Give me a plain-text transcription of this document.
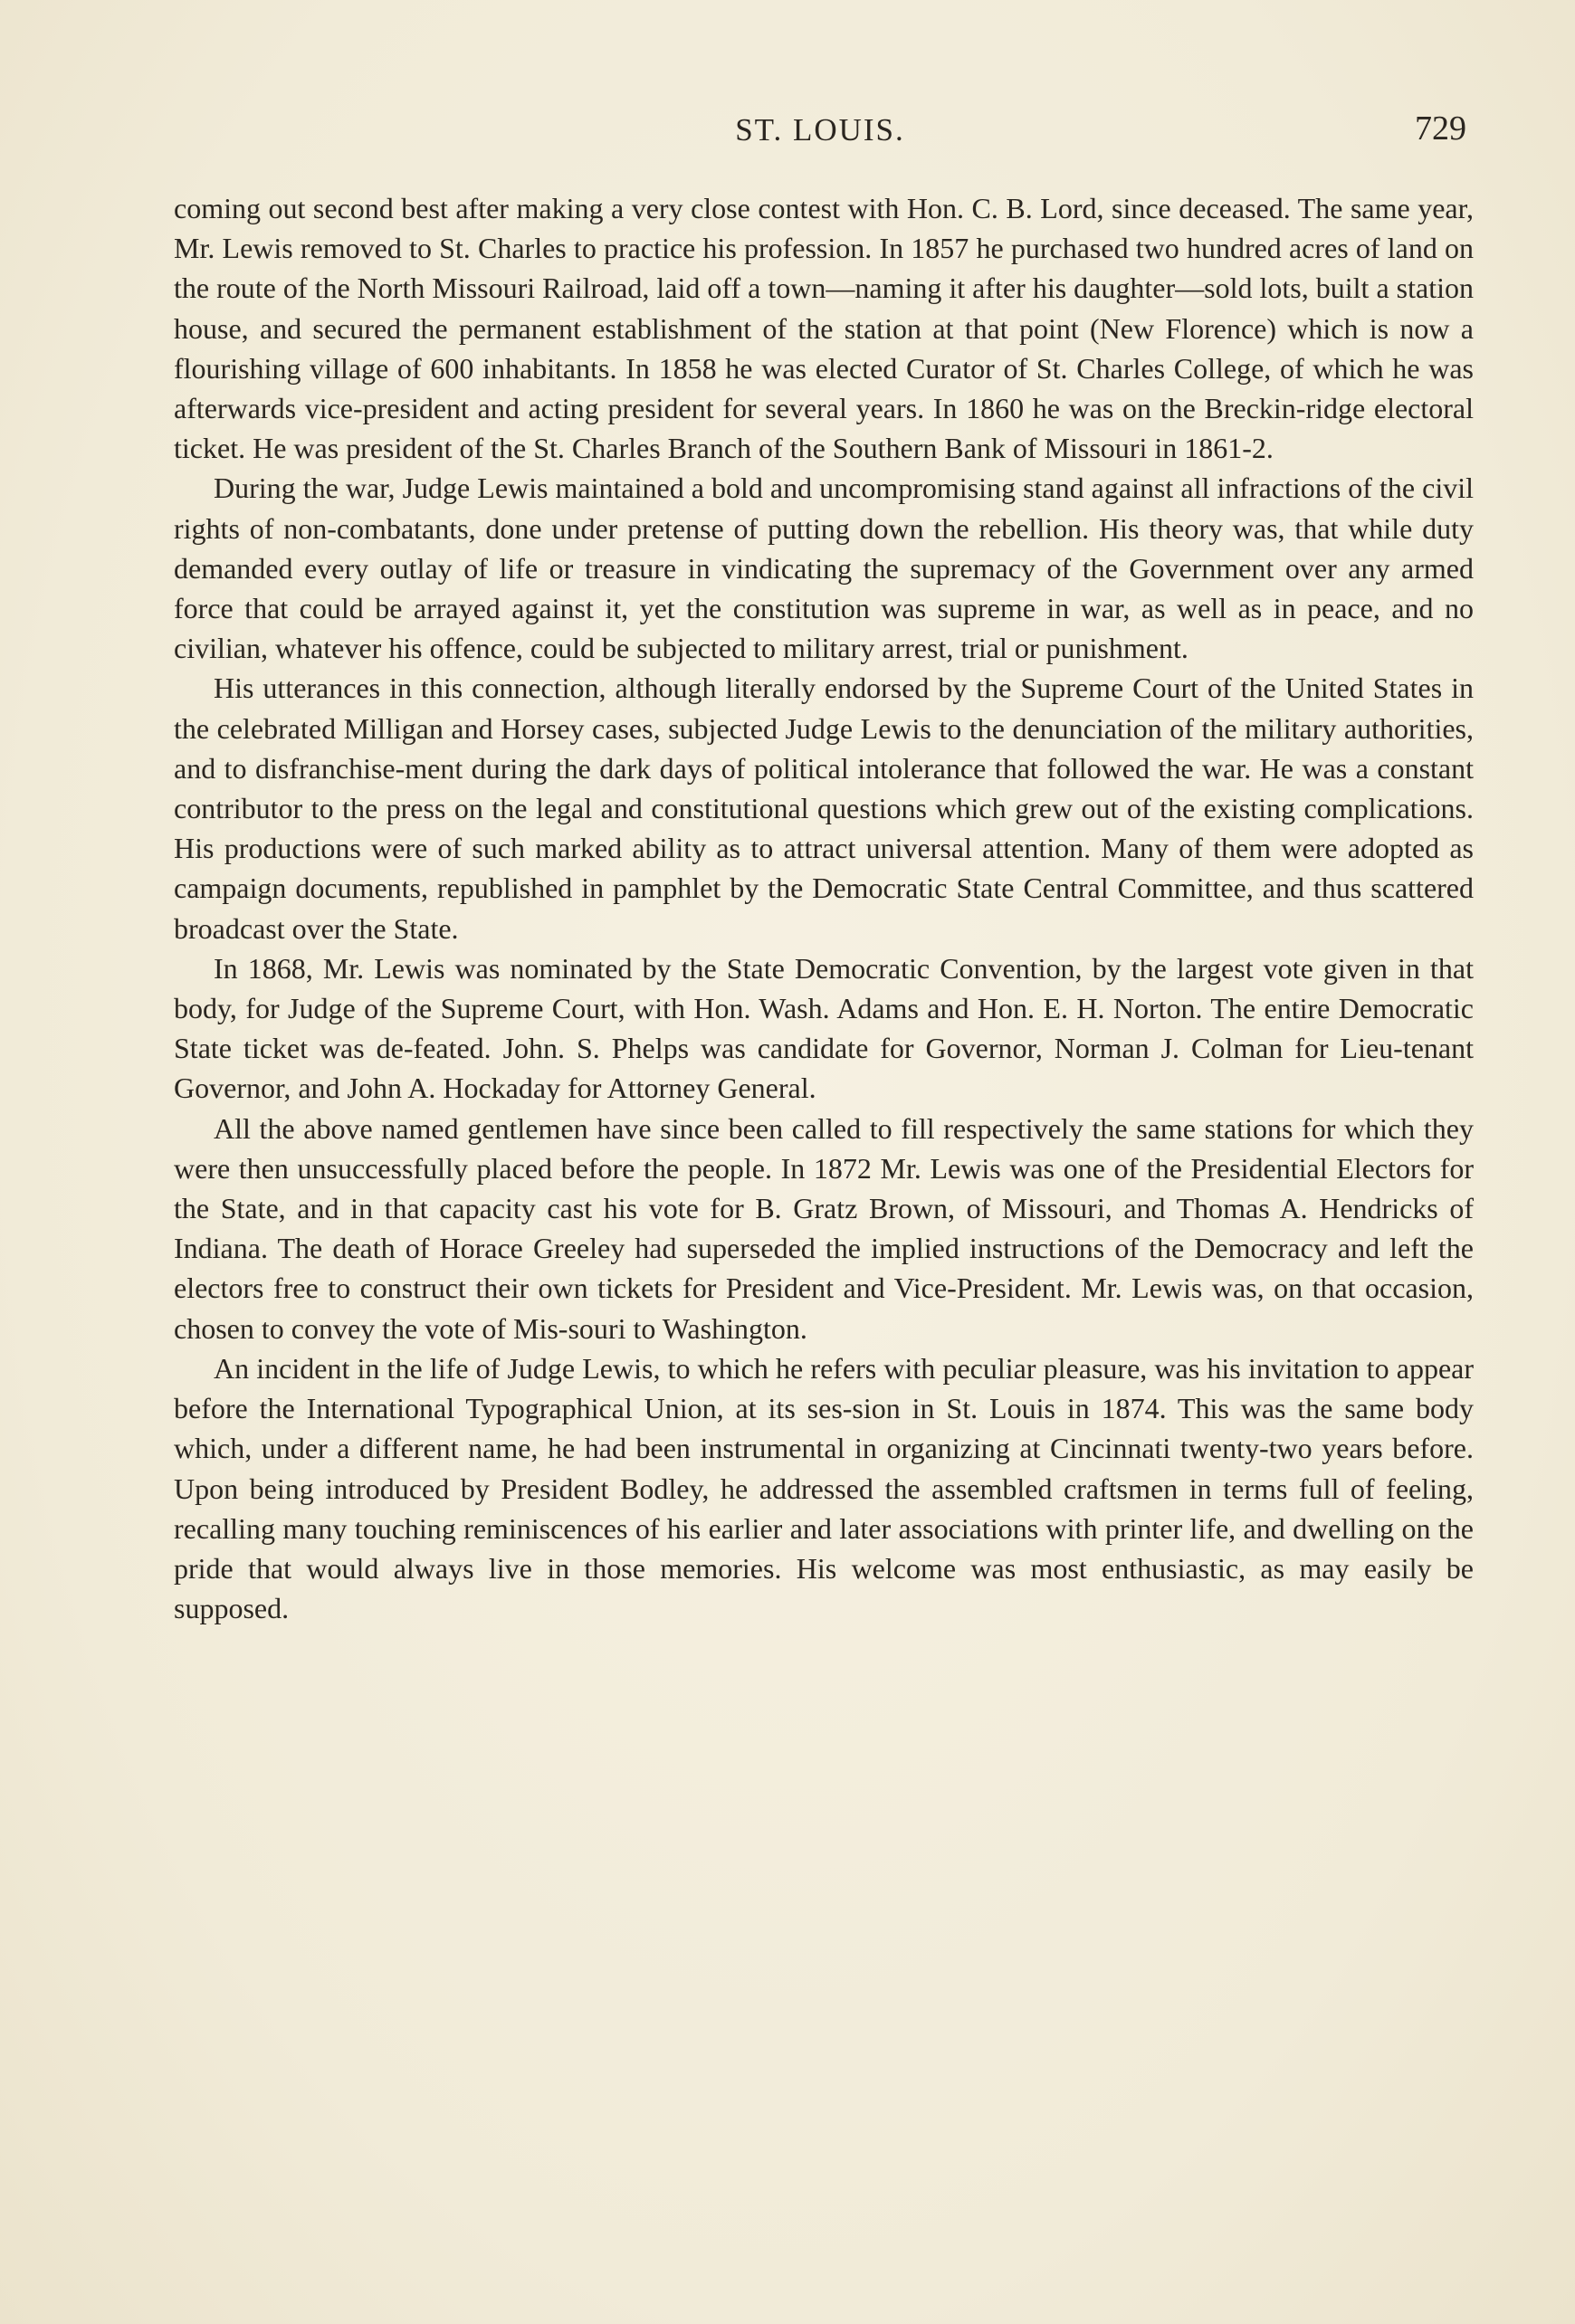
ST. LOUIS.	729

coming out second best after making a very close contest with Hon. C. B. Lord, since deceased. The same year, Mr. Lewis removed to St. Charles to practice his profession. In 1857 he purchased two hundred acres of land on the route of the North Missouri Railroad, laid off a town—naming it after his daughter—sold lots, built a station house, and secured the permanent establishment of the station at that point (New Florence) which is now a flourishing village of 600 inhabitants. In 1858 he was elected Curator of St. Charles College, of which he was afterwards vice-president and acting president for several years. In 1860 he was on the Breckin-ridge electoral ticket. He was president of the St. Charles Branch of the Southern Bank of Missouri in 1861-2.

During the war, Judge Lewis maintained a bold and uncompromising stand against all infractions of the civil rights of non-combatants, done under pretense of putting down the rebellion. His theory was, that while duty demanded every outlay of life or treasure in vindicating the supremacy of the Government over any armed force that could be arrayed against it, yet the constitution was supreme in war, as well as in peace, and no civilian, whatever his offence, could be subjected to military arrest, trial or punishment.

His utterances in this connection, although literally endorsed by the Supreme Court of the United States in the celebrated Milligan and Horsey cases, subjected Judge Lewis to the denunciation of the military authorities, and to disfranchise-ment during the dark days of political intolerance that followed the war. He was a constant contributor to the press on the legal and constitutional questions which grew out of the existing complications. His productions were of such marked ability as to attract universal attention. Many of them were adopted as campaign documents, republished in pamphlet by the Democratic State Central Committee, and thus scattered broadcast over the State.

In 1868, Mr. Lewis was nominated by the State Democratic Convention, by the largest vote given in that body, for Judge of the Supreme Court, with Hon. Wash. Adams and Hon. E. H. Norton. The entire Democratic State ticket was de-feated. John. S. Phelps was candidate for Governor, Norman J. Colman for Lieu-tenant Governor, and John A. Hockaday for Attorney General.

All the above named gentlemen have since been called to fill respectively the same stations for which they were then unsuccessfully placed before the people. In 1872 Mr. Lewis was one of the Presidential Electors for the State, and in that capacity cast his vote for B. Gratz Brown, of Missouri, and Thomas A. Hendricks of Indiana. The death of Horace Greeley had superseded the implied instructions of the Democracy and left the electors free to construct their own tickets for President and Vice-President. Mr. Lewis was, on that occasion, chosen to convey the vote of Mis-souri to Washington.

An incident in the life of Judge Lewis, to which he refers with peculiar pleasure, was his invitation to appear before the International Typographical Union, at its ses-sion in St. Louis in 1874. This was the same body which, under a different name, he had been instrumental in organizing at Cincinnati twenty-two years before. Upon being introduced by President Bodley, he addressed the assembled craftsmen in terms full of feeling, recalling many touching reminiscences of his earlier and later associations with printer life, and dwelling on the pride that would always live in those memories. His welcome was most enthusiastic, as may easily be supposed.
